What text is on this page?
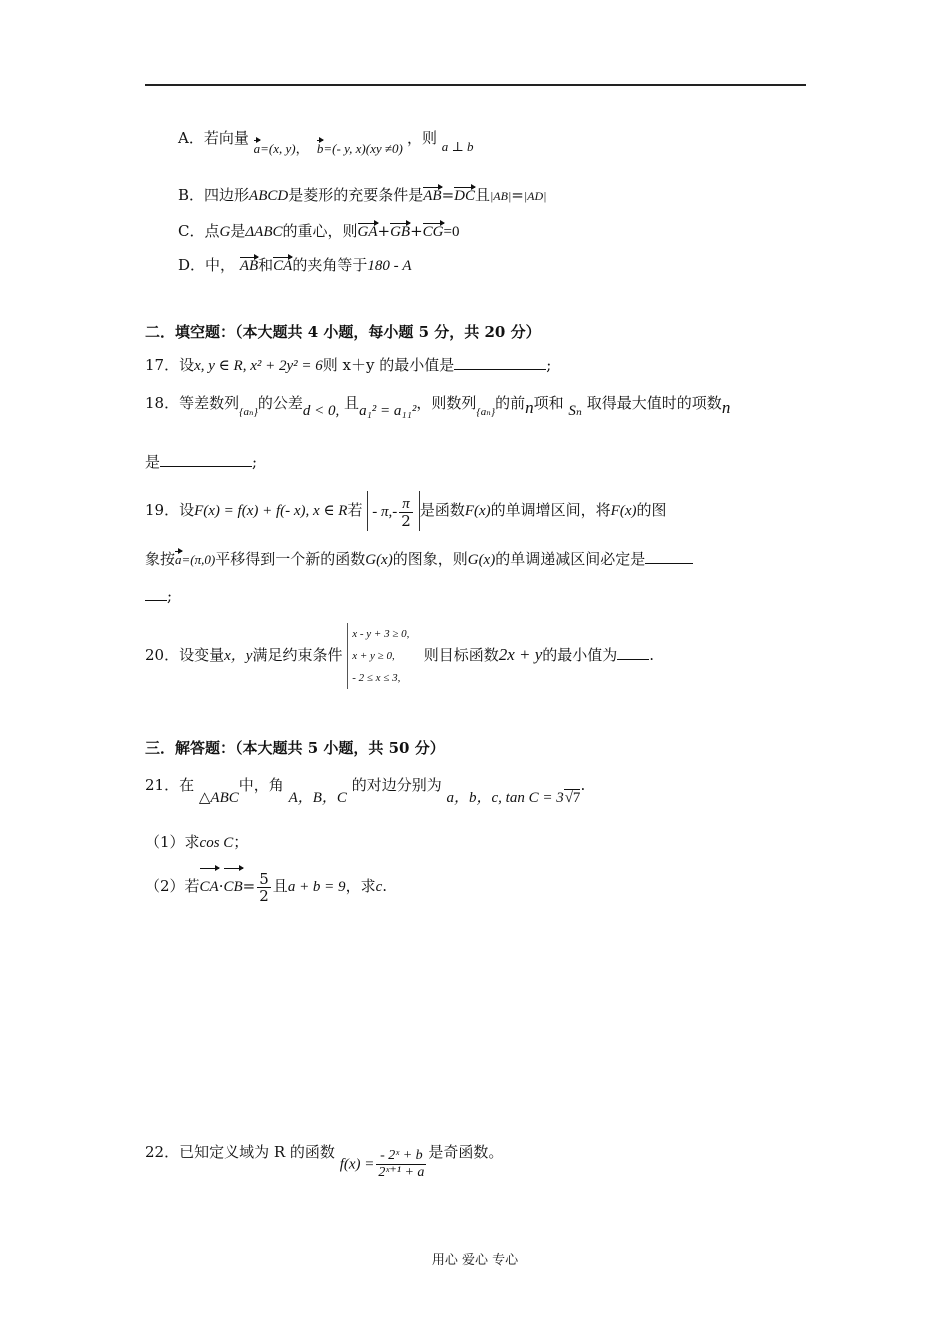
A．若向量 a=(x, y)， b=(- y, x)(xy ≠0) ，则 a ⊥ b
B．四边形ABCD是菱形的充要条件是AB=DC且|AB|=|AD|
C．点G是ΔABC的重心，则GA+GB+CG=0
D．中， AB和CA的夹角等于180 - A
二．填空题：（本大题共 4 小题，每小题 5 分，共 20 分）
17．设x, y ∈ R, x² + 2y² = 6则 x＋y 的最小值是	;
18．等差数列$_{\{a_n\}}$的公差d < 0, 且a₁² = a₁₁²，则数列$_{\{a_n\}}$的前n项和 Sₙ 取得最大值时的项数n
是	;
19．设F(x) = f(x) + f(- x), x ∈ R若 - $\pi,- \frac{\pi}{2}$ 是函数F(x)的单调增区间，将F(x)的图
象按a=(π,0)平移得到一个新的函数G(x)的图象，则G(x)的单调递减区间必定是
;
20．设变量x，y满足约束条件
x - y + 3 ≥ 0,
x + y ≥ 0,
- 2 ≤ x ≤ 3,
则目标函数2x + y的最小值为 .
三．解答题：（本大题共 5 小题，共 50 分）
21．在 △ABC中，角 A，B，C 的对边分别为 a，b，c, tan C = 3√7.
（1）求cos C；
（2）若$CA\cdot CB= \frac{5}{2}$ 且a + b = 9，求c.
22．已知定义域为 R 的函数 $f(x) = \frac{\text{- 2ˣ + b}}{\text{2ˣ⁺¹ + a}}$ 是奇函数。
用心 爱心 专心
